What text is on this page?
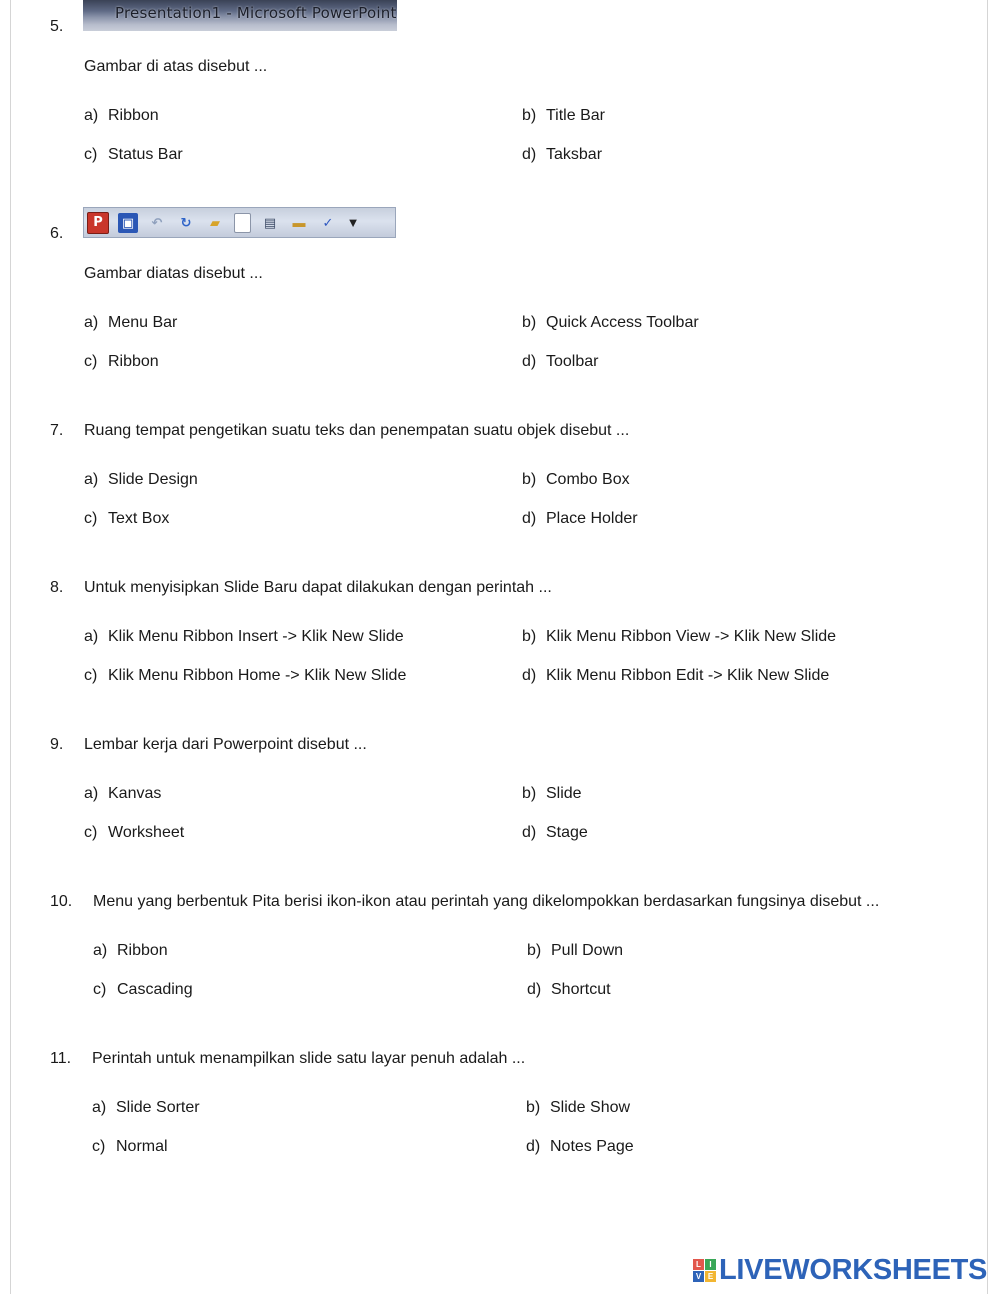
5.
Presentation1 - Microsoft PowerPoint
Gambar di atas disebut ...
a) Ribbon	b) Title Bar
c) Status Bar	d) Taksbar
6.
P	▣	↶	↻	▰	▤ ▬	✓	▼
Gambar diatas disebut ...
a) Menu Bar	b) Quick Access Toolbar
c) Ribbon	d) Toolbar
7. Ruang tempat pengetikan suatu teks dan penempatan suatu objek disebut ...
a) Slide Design	b) Combo Box
c) Text Box	d) Place Holder
8. Untuk menyisipkan Slide Baru dapat dilakukan dengan perintah ...
a) Klik Menu Ribbon Insert -> Klik New Slide	b) Klik Menu Ribbon View -> Klik New Slide
c) Klik Menu Ribbon Home -> Klik New Slide	d) Klik Menu Ribbon Edit -> Klik New Slide
9. Lembar kerja dari Powerpoint disebut ...
a) Kanvas	b) Slide
c) Worksheet	d) Stage
10. Menu yang berbentuk Pita berisi ikon-ikon atau perintah yang dikelompokkan berdasarkan fungsinya disebut ...
a) Ribbon	b) Pull Down
c) Cascading	d) Shortcut
11. Perintah untuk menampilkan slide satu layar penuh adalah ...
a) Slide Sorter	b) Slide Show
c) Normal	d) Notes Page
L	I
V E LIVEWORKSHEETS
